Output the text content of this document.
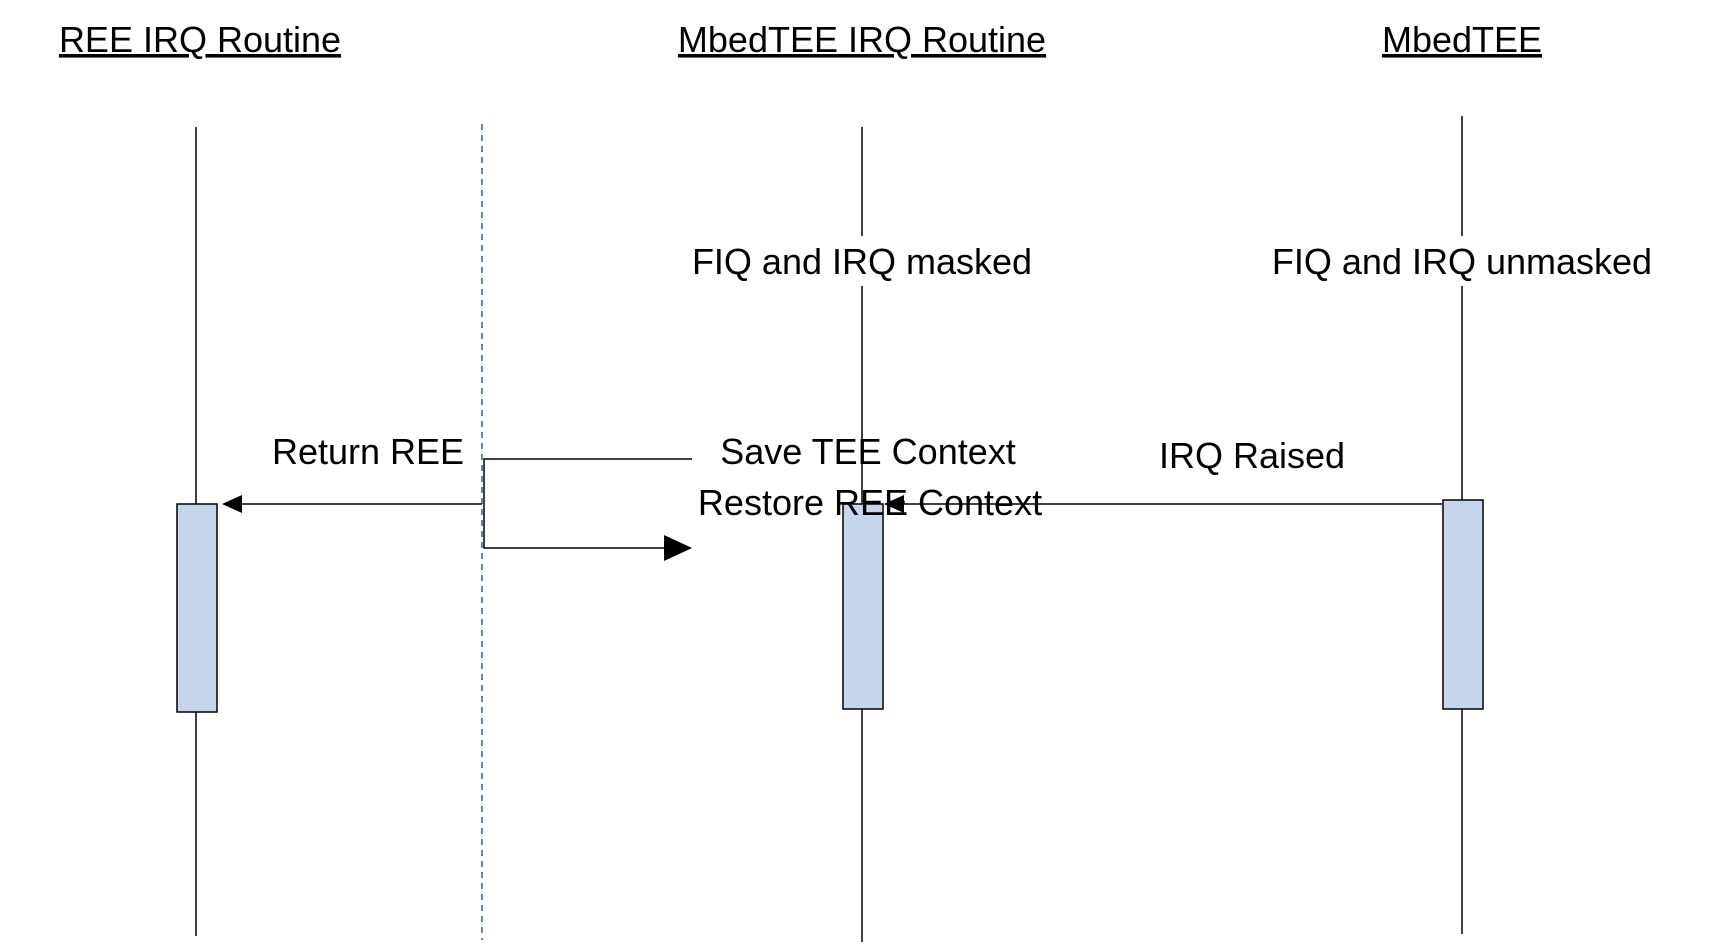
REE IRQ Routine	MbedTEE IRQ Routine	MbedTEE
FIQ and IRQ masked	FIQ and IRQ unmasked
IRQ Raised
Return REE	Save TEE Context
Restore REE Context
